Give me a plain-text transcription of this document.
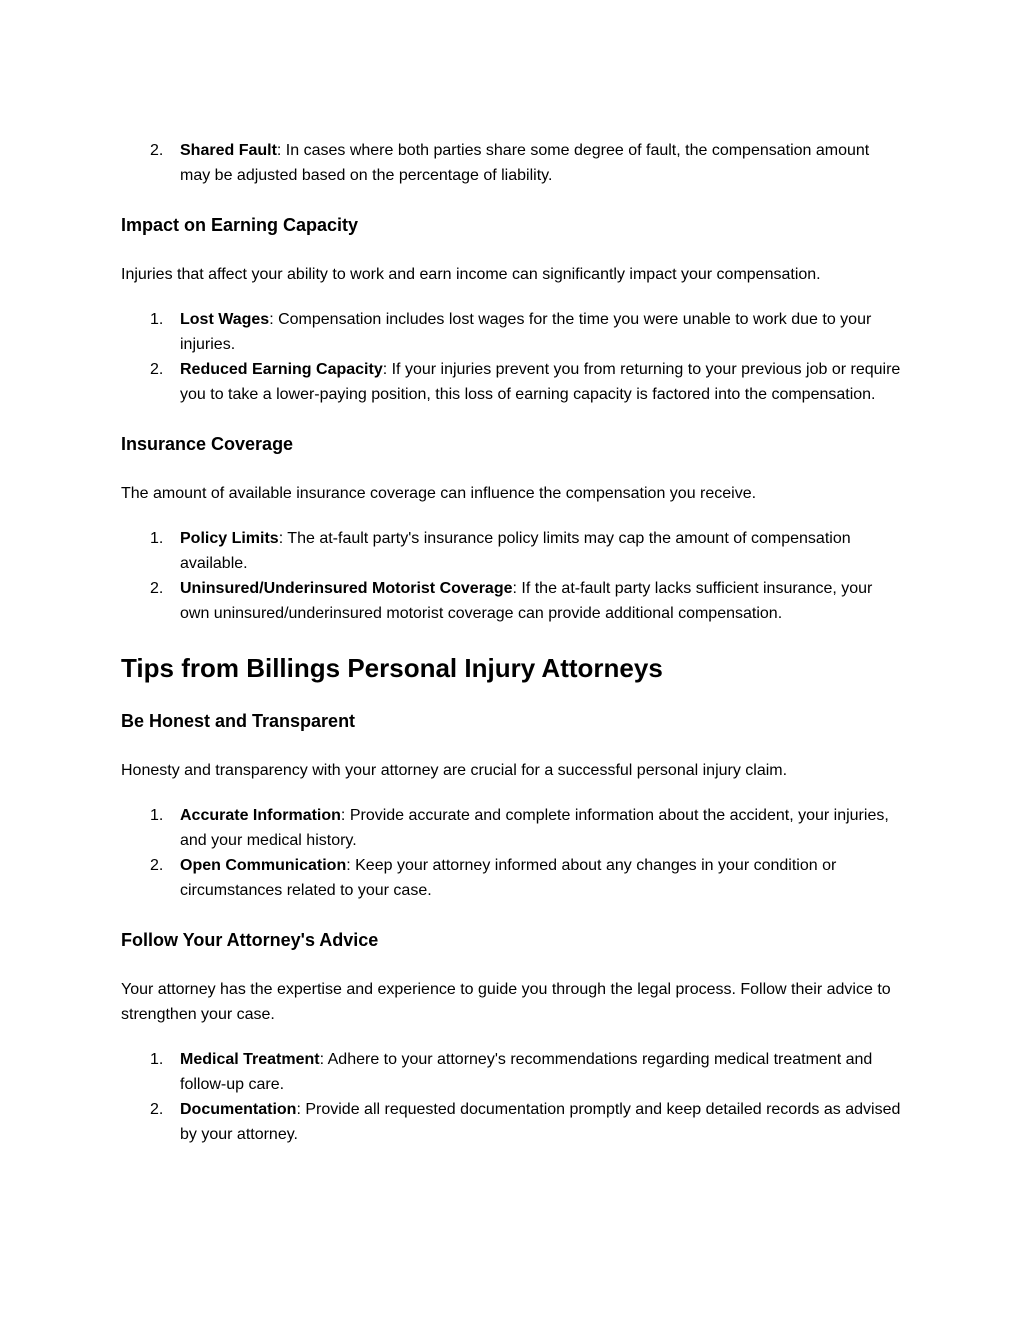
2.	Shared Fault: In cases where both parties share some degree of fault, the compensation amount may be adjusted based on the percentage of liability.
Impact on Earning Capacity

Injuries that affect your ability to work and earn income can significantly impact your compensation.

1.	Lost Wages: Compensation includes lost wages for the time you were unable to work due to your injuries.
2.	Reduced Earning Capacity: If your injuries prevent you from returning to your previous job or require you to take a lower-paying position, this loss of earning capacity is factored into the compensation.
Insurance Coverage

The amount of available insurance coverage can influence the compensation you receive.

1.	Policy Limits: The at-fault party's insurance policy limits may cap the amount of compensation available.
2.	Uninsured/Underinsured Motorist Coverage: If the at-fault party lacks sufficient insurance, your own uninsured/underinsured motorist coverage can provide additional compensation.
Tips from Billings Personal Injury Attorneys
Be Honest and Transparent

Honesty and transparency with your attorney are crucial for a successful personal injury claim.

1.	Accurate Information: Provide accurate and complete information about the accident, your injuries, and your medical history.
2.	Open Communication: Keep your attorney informed about any changes in your condition or circumstances related to your case.
Follow Your Attorney's Advice

Your attorney has the expertise and experience to guide you through the legal process. Follow their advice to strengthen your case.

1.	Medical Treatment: Adhere to your attorney's recommendations regarding medical treatment and follow-up care.
2.	Documentation: Provide all requested documentation promptly and keep detailed records as advised by your attorney.
